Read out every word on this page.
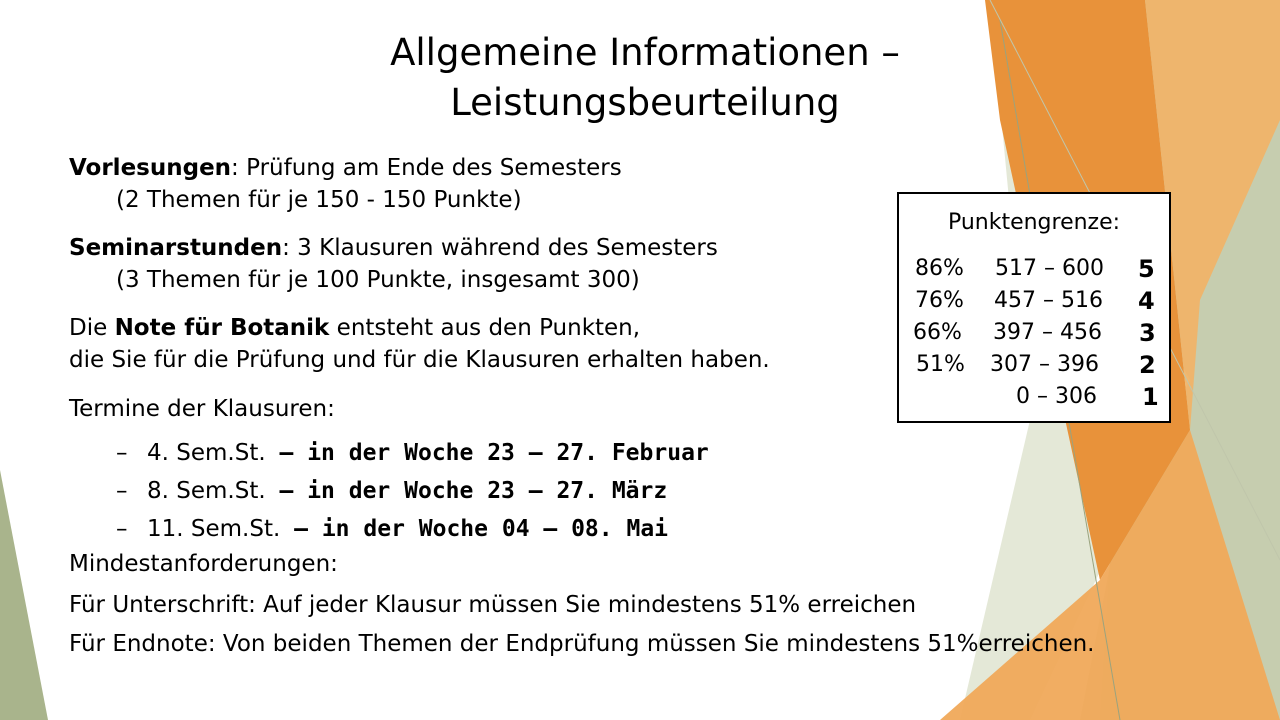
Allgemeine Informationen –
Leistungsbeurteilung
Vorlesungen: Prüfung am Ende des Semesters
(2 Themen für je 150 - 150 Punkte)
Seminarstunden: 3 Klausuren während des Semesters
(3 Themen für je 100 Punkte, insgesamt 300)
Die Note für Botanik entsteht aus den Punkten,
die Sie für die Prüfung und für die Klausuren erhalten haben.
Termine der Klausuren:
– 4. Sem.St. – in der Woche 23 – 27. Februar
– 8. Sem.St. – in der Woche 23 – 27. März
– 11. Sem.St. – in der Woche 04 – 08. Mai
Mindestanforderungen:
Für Unterschrift: Auf jeder Klausur müssen Sie mindestens 51% erreichen
Für Endnote: Von beiden Themen der Endprüfung müssen Sie mindestens 51%erreichen.
Punktengrenze:
86% 517 – 600 5
76% 457 – 516 4
66% 397 – 456 3
51% 307 – 396 2
0 – 306 1
